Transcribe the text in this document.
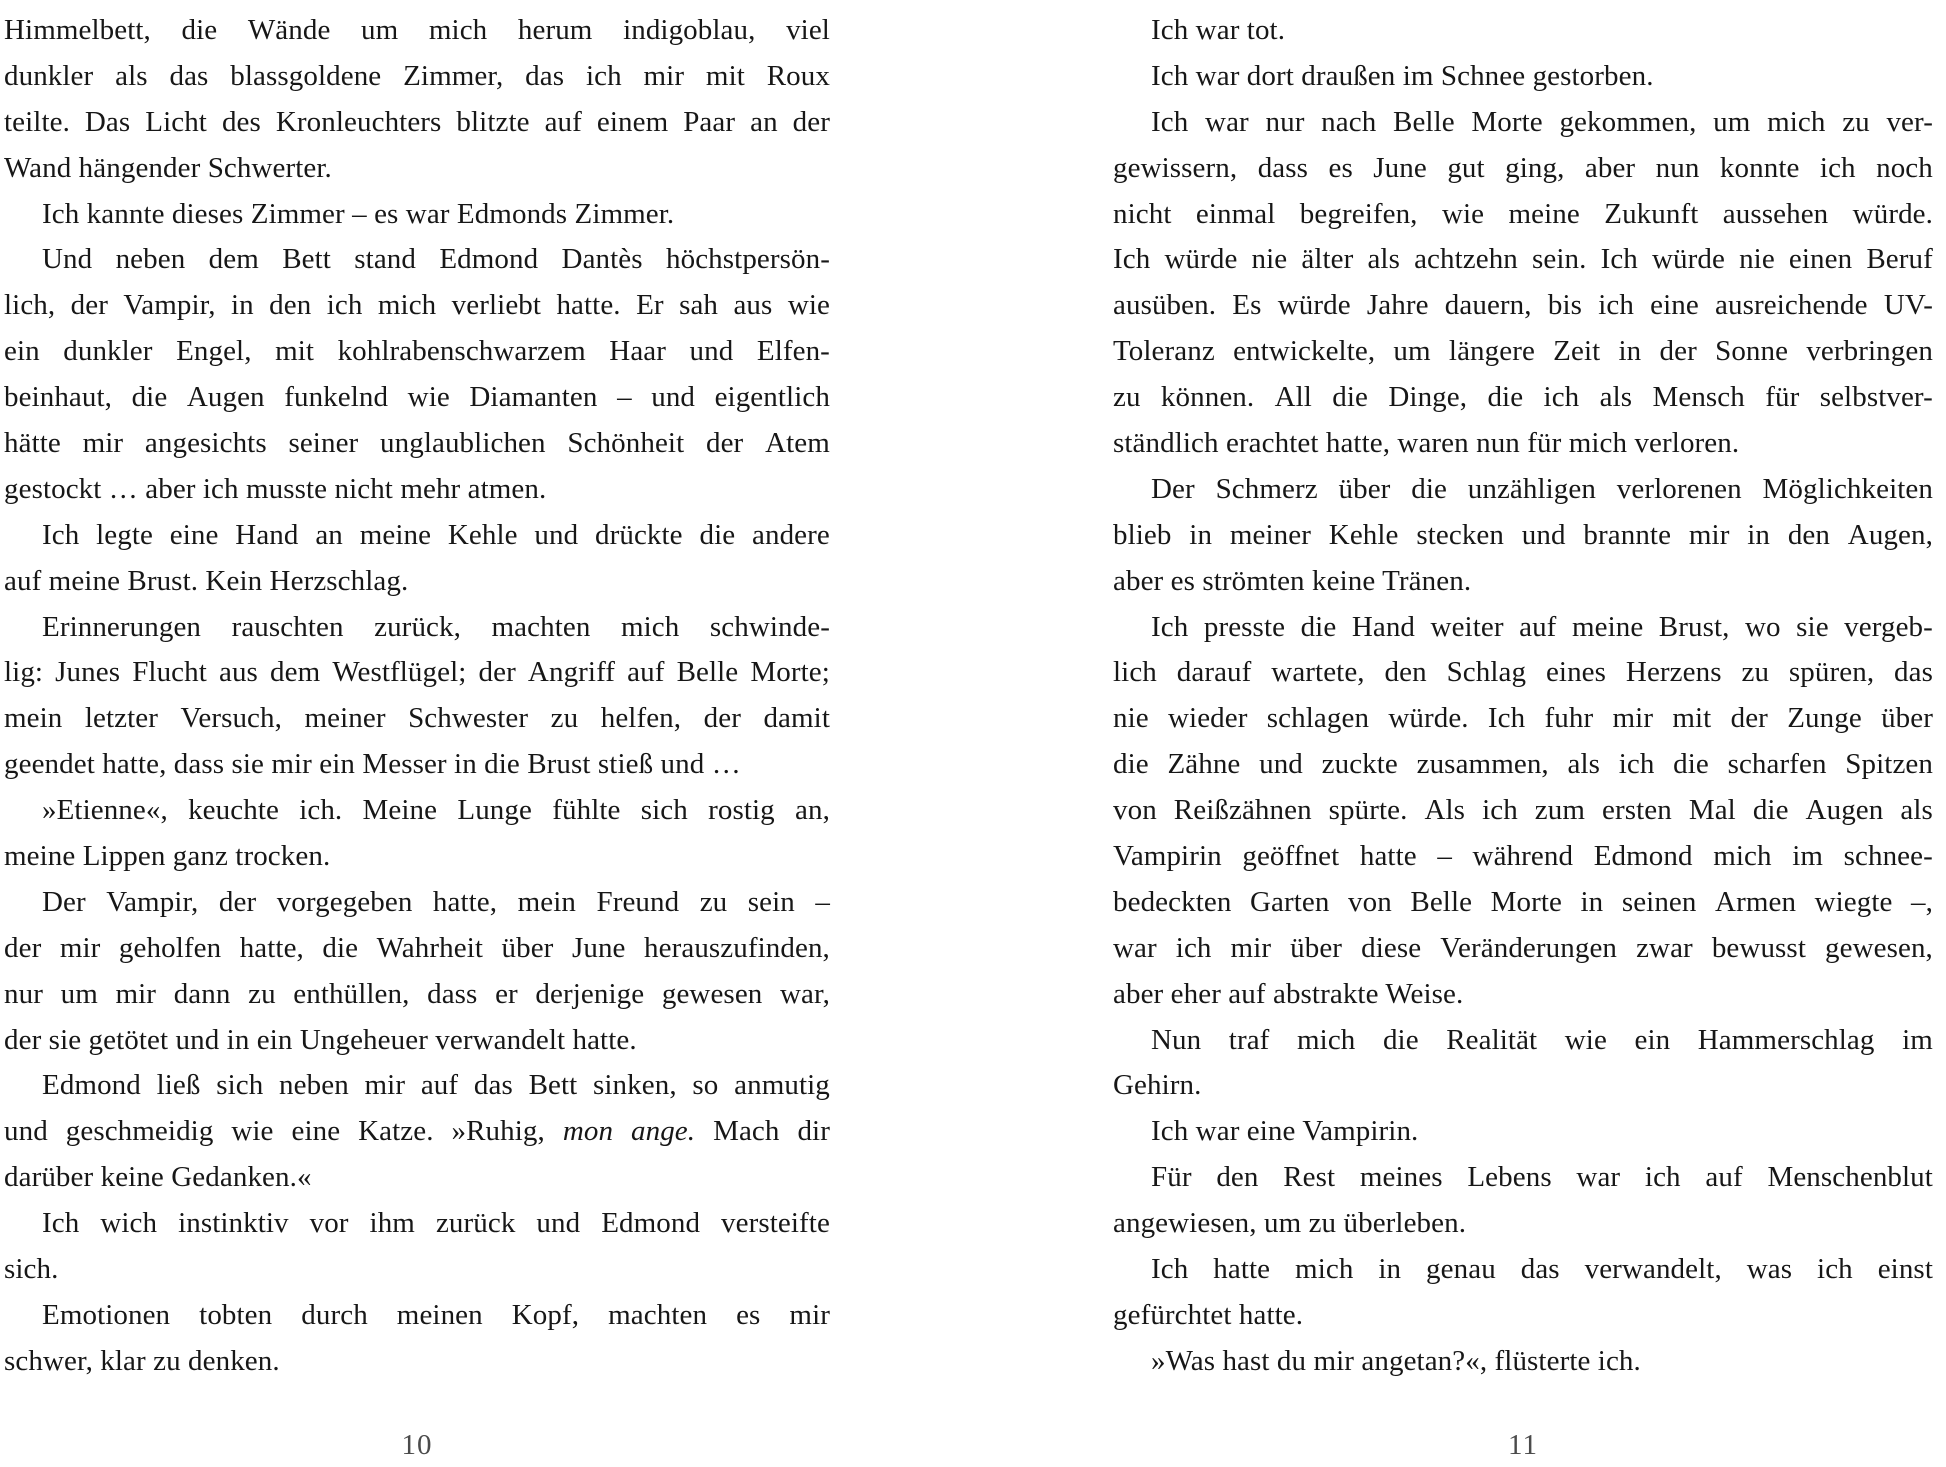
Himmelbett, die Wände um mich herum indigoblau, viel
dunkler als das blassgoldene Zimmer, das ich mir mit Roux
teilte. Das Licht des Kronleuchters blitzte auf einem Paar an der
Wand hängender Schwerter.
Ich kannte dieses Zimmer – es war Edmonds Zimmer.
Und neben dem Bett stand Edmond Dantès höchstpersön-
lich, der Vampir, in den ich mich verliebt hatte. Er sah aus wie
ein dunkler Engel, mit kohlrabenschwarzem Haar und Elfen-
beinhaut, die Augen funkelnd wie Diamanten – und eigentlich
hätte mir angesichts seiner unglaublichen Schönheit der Atem
gestockt … aber ich musste nicht mehr atmen.
Ich legte eine Hand an meine Kehle und drückte die andere
auf meine Brust. Kein Herzschlag.
Erinnerungen rauschten zurück, machten mich schwinde-
lig: Junes Flucht aus dem Westflügel; der Angriff auf Belle Morte;
mein letzter Versuch, meiner Schwester zu helfen, der damit
geendet hatte, dass sie mir ein Messer in die Brust stieß und …
»Etienne«, keuchte ich. Meine Lunge fühlte sich rostig an,
meine Lippen ganz trocken.
Der Vampir, der vorgegeben hatte, mein Freund zu sein –
der mir geholfen hatte, die Wahrheit über June herauszufinden,
nur um mir dann zu enthüllen, dass er derjenige gewesen war,
der sie getötet und in ein Ungeheuer verwandelt hatte.
Edmond ließ sich neben mir auf das Bett sinken, so anmutig
und geschmeidig wie eine Katze. »Ruhig, mon ange. Mach dir
darüber keine Gedanken.«
Ich wich instinktiv vor ihm zurück und Edmond versteifte
sich.
Emotionen tobten durch meinen Kopf, machten es mir
schwer, klar zu denken.
Ich war tot.
Ich war dort draußen im Schnee gestorben.
Ich war nur nach Belle Morte gekommen, um mich zu ver-
gewissern, dass es June gut ging, aber nun konnte ich noch
nicht einmal begreifen, wie meine Zukunft aussehen würde.
Ich würde nie älter als achtzehn sein. Ich würde nie einen Beruf
ausüben. Es würde Jahre dauern, bis ich eine ausreichende UV-
Toleranz entwickelte, um längere Zeit in der Sonne verbringen
zu können. All die Dinge, die ich als Mensch für selbstver-
ständlich erachtet hatte, waren nun für mich verloren.
Der Schmerz über die unzähligen verlorenen Möglichkeiten
blieb in meiner Kehle stecken und brannte mir in den Augen,
aber es strömten keine Tränen.
Ich presste die Hand weiter auf meine Brust, wo sie vergeb-
lich darauf wartete, den Schlag eines Herzens zu spüren, das
nie wieder schlagen würde. Ich fuhr mir mit der Zunge über
die Zähne und zuckte zusammen, als ich die scharfen Spitzen
von Reißzähnen spürte. Als ich zum ersten Mal die Augen als
Vampirin geöffnet hatte – während Edmond mich im schnee-
bedeckten Garten von Belle Morte in seinen Armen wiegte –,
war ich mir über diese Veränderungen zwar bewusst gewesen,
aber eher auf abstrakte Weise.
Nun traf mich die Realität wie ein Hammerschlag im
Gehirn.
Ich war eine Vampirin.
Für den Rest meines Lebens war ich auf Menschenblut
angewiesen, um zu überleben.
Ich hatte mich in genau das verwandelt, was ich einst
gefürchtet hatte.
»Was hast du mir angetan?«, flüsterte ich.
10	11
